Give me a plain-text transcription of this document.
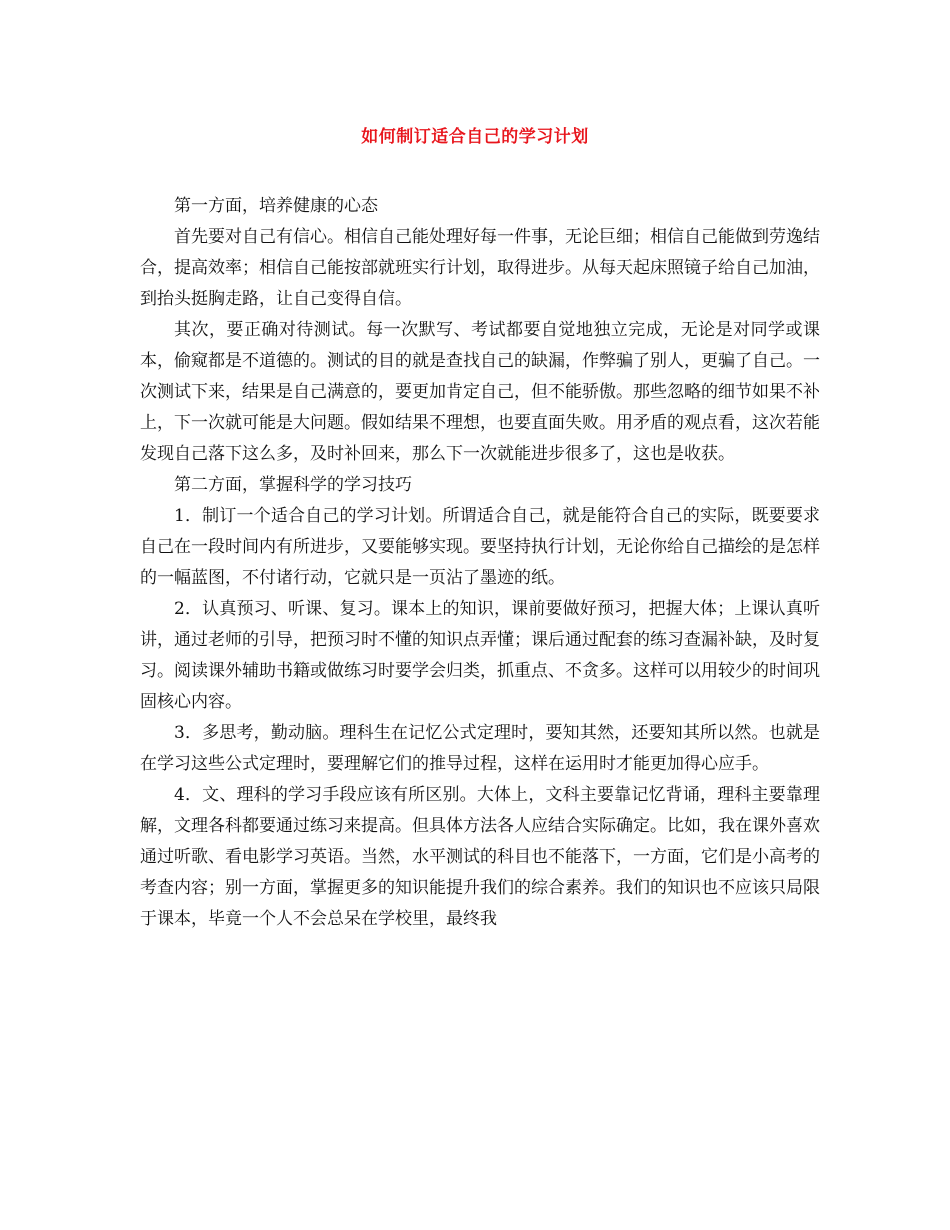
如何制订适合自己的学习计划

第一方面，培养健康的心态

首先要对自己有信心。相信自己能处理好每一件事，无论巨细；相信自己能做到劳逸结合，提高效率；相信自己能按部就班实行计划，取得进步。从每天起床照镜子给自己加油，到抬头挺胸走路，让自己变得自信。

其次，要正确对待测试。每一次默写、考试都要自觉地独立完成，无论是对同学或课本，偷窥都是不道德的。测试的目的就是查找自己的缺漏，作弊骗了别人，更骗了自己。一次测试下来，结果是自己满意的，要更加肯定自己，但不能骄傲。那些忽略的细节如果不补上，下一次就可能是大问题。假如结果不理想，也要直面失败。用矛盾的观点看，这次若能发现自己落下这么多，及时补回来，那么下一次就能进步很多了，这也是收获。

第二方面，掌握科学的学习技巧

1．制订一个适合自己的学习计划。所谓适合自己，就是能符合自己的实际，既要要求自己在一段时间内有所进步，又要能够实现。要坚持执行计划，无论你给自己描绘的是怎样的一幅蓝图，不付诸行动，它就只是一页沾了墨迹的纸。

2．认真预习、听课、复习。课本上的知识，课前要做好预习，把握大体；上课认真听讲，通过老师的引导，把预习时不懂的知识点弄懂；课后通过配套的练习查漏补缺，及时复习。阅读课外辅助书籍或做练习时要学会归类，抓重点、不贪多。这样可以用较少的时间巩固核心内容。

3．多思考，勤动脑。理科生在记忆公式定理时，要知其然，还要知其所以然。也就是在学习这些公式定理时，要理解它们的推导过程，这样在运用时才能更加得心应手。

4．文、理科的学习手段应该有所区别。大体上，文科主要靠记忆背诵，理科主要靠理解，文理各科都要通过练习来提高。但具体方法各人应结合实际确定。比如，我在课外喜欢通过听歌、看电影学习英语。当然，水平测试的科目也不能落下，一方面，它们是小高考的考查内容；别一方面，掌握更多的知识能提升我们的综合素养。我们的知识也不应该只局限于课本，毕竟一个人不会总呆在学校里，最终我
